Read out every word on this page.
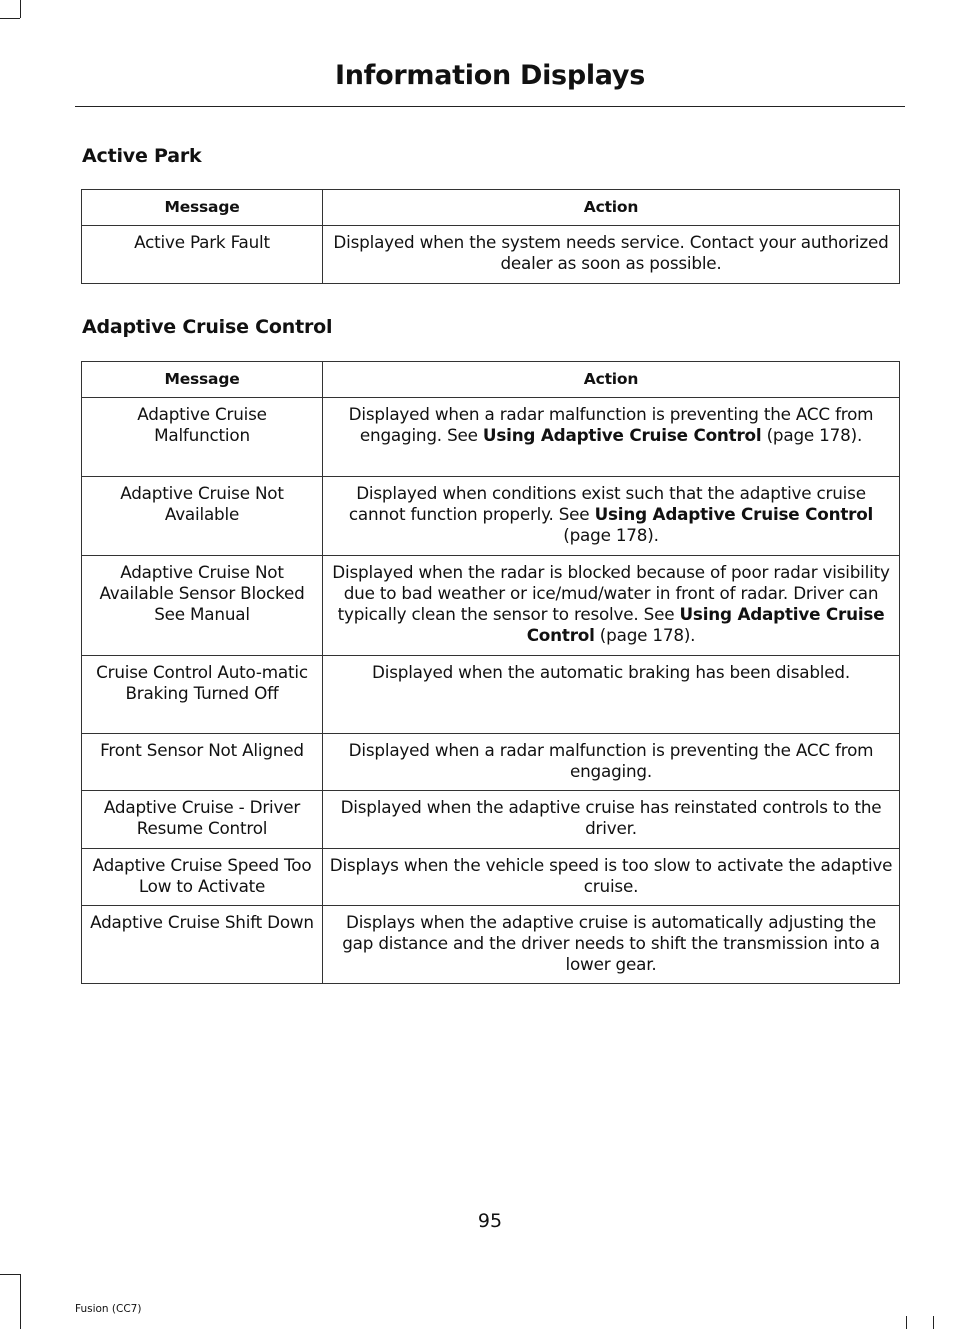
Information Displays
Active Park
Message	Action
Active Park Fault	Displayed when the system needs service. Contact your authorized dealer as soon as possible.
Adaptive Cruise Control
Message	Action
Adaptive Cruise Malfunction	Displayed when a radar malfunction is preventing the ACC from engaging. See Using Adaptive Cruise Control (page 178).
Adaptive Cruise Not Available	Displayed when conditions exist such that the adaptive cruise cannot function properly. See Using Adaptive Cruise Control (page 178).
Adaptive Cruise Not Available Sensor Blocked See Manual	Displayed when the radar is blocked because of poor radar visibility due to bad weather or ice/mud/water in front of radar. Driver can typically clean the sensor to resolve. See Using Adaptive Cruise Control (page 178).
Cruise Control Auto-matic Braking Turned Off	Displayed when the automatic braking has been disabled.
Front Sensor Not Aligned	Displayed when a radar malfunction is preventing the ACC from engaging.
Adaptive Cruise - Driver Resume Control	Displayed when the adaptive cruise has reinstated controls to the driver.
Adaptive Cruise Speed Too Low to Activate	Displays when the vehicle speed is too slow to activate the adaptive cruise.
Adaptive Cruise Shift Down	Displays when the adaptive cruise is automatically adjusting the gap distance and the driver needs to shift the transmission into a lower gear.
95
Fusion (CC7)
